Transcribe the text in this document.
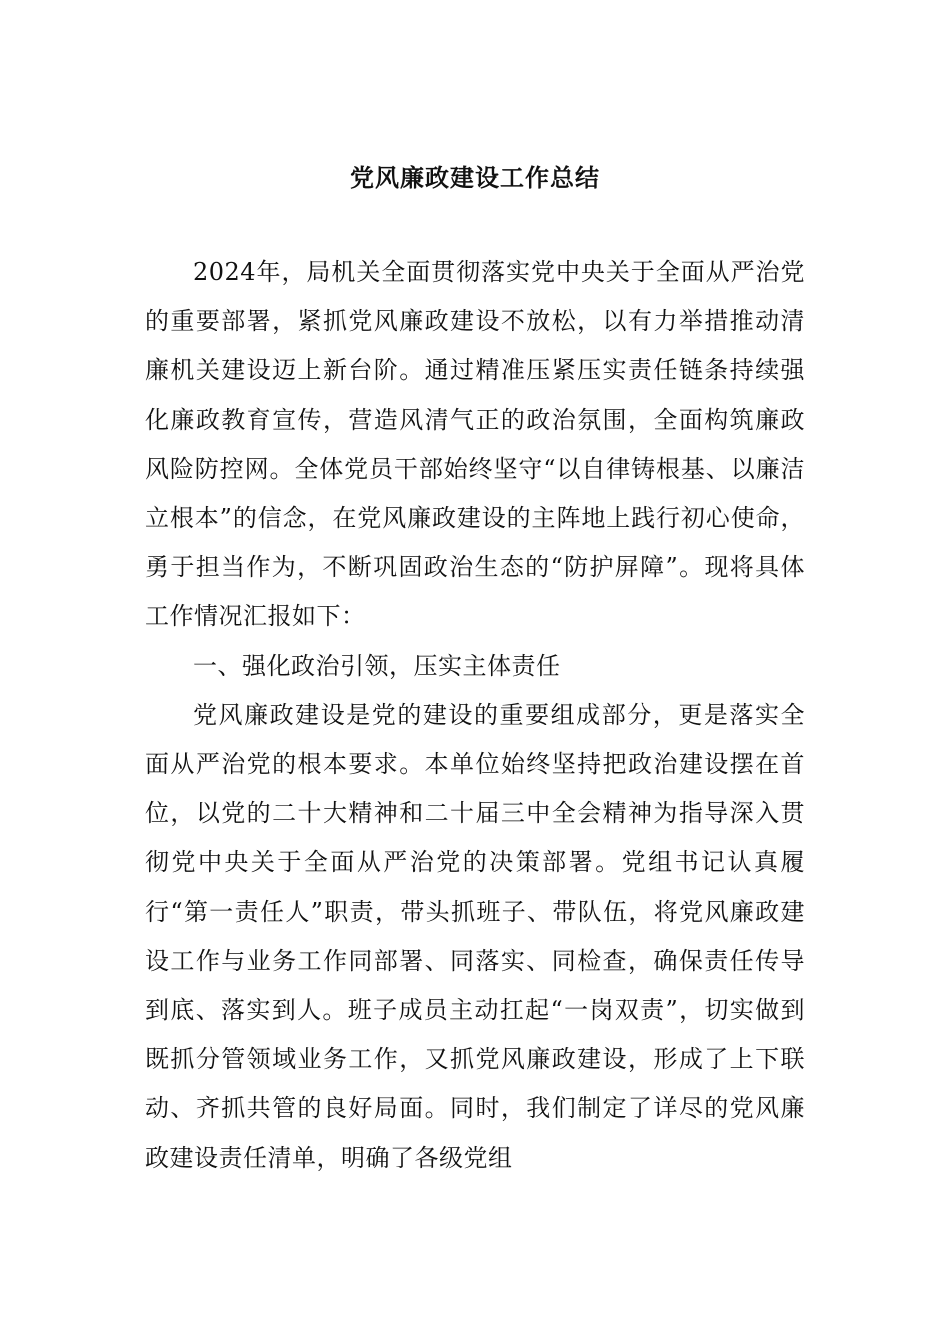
党风廉政建设工作总结

2024年，局机关全面贯彻落实党中央关于全面从严治党的重要部署，紧抓党风廉政建设不放松，以有力举措推动清廉机关建设迈上新台阶。通过精准压紧压实责任链条持续强化廉政教育宣传，营造风清气正的政治氛围，全面构筑廉政风险防控网。全体党员干部始终坚守“以自律铸根基、以廉洁立根本”的信念，在党风廉政建设的主阵地上践行初心使命，勇于担当作为，不断巩固政治生态的“防护屏障”。现将具体工作情况汇报如下：

一、强化政治引领，压实主体责任

党风廉政建设是党的建设的重要组成部分，更是落实全面从严治党的根本要求。本单位始终坚持把政治建设摆在首位，以党的二十大精神和二十届三中全会精神为指导深入贯彻党中央关于全面从严治党的决策部署。党组书记认真履行“第一责任人”职责，带头抓班子、带队伍，将党风廉政建设工作与业务工作同部署、同落实、同检查，确保责任传导到底、落实到人。班子成员主动扛起“一岗双责”，切实做到既抓分管领域业务工作，又抓党风廉政建设，形成了上下联动、齐抓共管的良好局面。同时，我们制定了详尽的党风廉政建设责任清单，明确了各级党组
